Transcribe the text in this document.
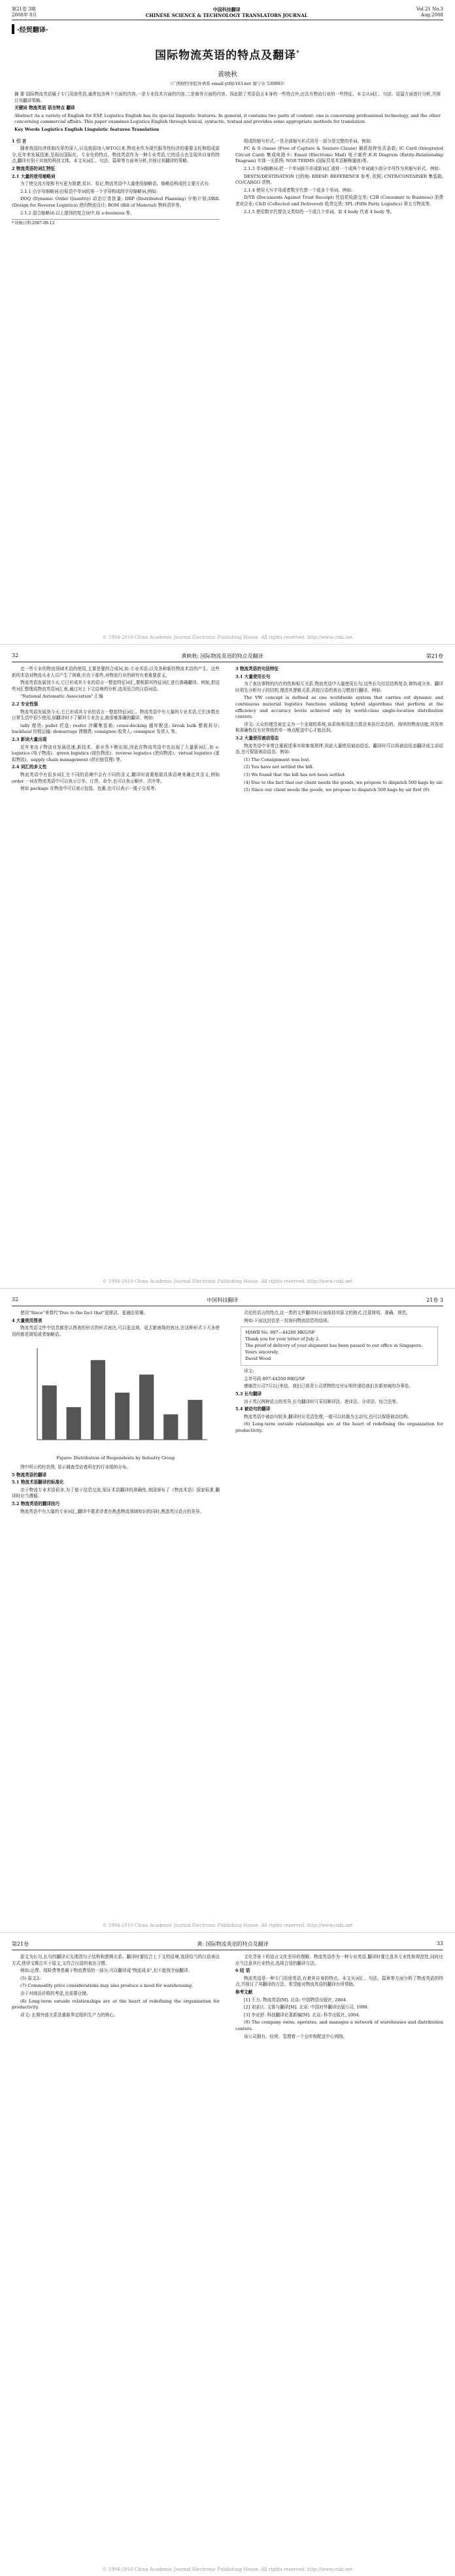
第21卷 3期
2008年 8月
中国科技翻译
CHINESE SCIENCE & TECHNOLOGY TRANSLATORS JOURNAL
Vol.21 No.3
Aug.2008
·经贸翻译·
国际物流英语的特点及翻译*
黄映秋
（广西财经学院外语系 email:ytf@163.net 南宁市 530003）
摘 要 国际物流英语属于专门用途英语,通常包含两个方面的内容,一是专业技术方面的内容,二是商务方面的内容。因此除了英语语言本身的一些特点外,还具有物流行业的一些特征。本文从词汇、句法、语篇方面进行分析,并探讨其翻译策略。
关键词 物流英语 语言特点 翻译
Abstract As a variety of English for ESP, Logistics English has its special linguistic features. In general, it contains two parts of content: one is concerning professional technology, and the other concerning commercial affairs. This paper examines Logistics English through lexical, syntactic, textual and provides some appropriate methods for translation.
Key Words Logistics English Linguistic features Translation

1 引 言

随着我国经济体制改革的深入,以及我国加入WTO以来,物流业作为现代服务性经济的重要支柱和组成部分,近年来发展迅速,呈现出国际化、专业化的特点。物流英语作为一种专业英语,它的语言也呈现其自身的特点,翻译有别于其他的科技文体。本文从词汇、句法、篇章等方面来分析,并探讨其翻译的策略。

2 物流英语的词汇特征

2.1 大量的使用缩略词

为了使交流方便和书写更为简捷,易识、易记,物流英语中大量使用缩略语。缩略语构成的主要方式有:

2.1.1 由字母缩略词:由短语中单词的第一个字母构成的字母缩略词,例如:

DOQ (Dynamic Order Quantity) 动态订货批量; DRP (Distributed Planning) 分销计划;DRIL (Design for Reverse Logistics) 逆向物流设计; BOM (Bill of Material) 物料清单等。

2.1.2 混合缩略词:以上提到的复合词中,如 e-business 等。

* 收稿日期:2007-09-12

组成的缩写形式,一是全部缩写形式再另一部分是完整的单词。例如:

FC & S clause (Free of Capture & Seizure Clause) 捕获扣押免责条款; IC Card (Integrated Circuit Card) 集成电路卡; Email (Electronic Mail) 电子邮件;E-R Diagram (Entity-Relationship Diagram) 实体一关系图; NOR TERMS (国际贸易术语解释通则)等。

2.1.3 单词缩略词:把一个单词拆开形成新词汇或将一个或两个单词减少部分字母作为其缩写形式。例如:

DESTN/DESTINATION 目的地; RRESP: REFERENCE 参考, 依照; CNTR/CONTAINER 集装箱; CO/CARGO 货物。

2.1.4 使用大写字母或者数字代替一个或多个单词。例如:

D/TR (Documents Against Trust Receipt) 凭信托收据交单; C2B (Consumer to Business) 消费者对企业; C&D (Collected and Delivered) 收货交货; 3PL (Fifth Party Logistics) 第五方物流等。

2.1.5 使用数字代替含义类似的一个或几个单词。如 4 body 代表 4 body 等。

© 1994-2010 China Academic Journal Electronic Publishing House. All rights reserved. http://www.cnki.net
32	黄映秋: 国际物流英语的特点及翻译	第21卷

也一些专业的物流领域术语的使用,主要是要的合成词,如:专业术语;以及各种新的物流术语的产生。这些新的术语对物流从业人员产生了困难,但在于那些,对物流行业的研究有着重要意义。

物流英语发展到今天,它已形成其专业的语言一整套特征词汇,要根据其特征词汇进行准确翻译。例如,把这些词汇整理成物流英语词汇表,通过对上下文语境的分析,选用适合的汉语词语。

"National Automatic Association" 汇编

2.2 专业性强

物流英语发展到今天,它已形成其专业的语言一整套特征词汇。物流英语中有大量的专业术语,它们多数在日常生活中很少使用,如翻译时不了解其专业含义,就很难准确的翻译。例如:

tally 理货; pallet 托盘; reefer 冷藏集装箱; cross-docking 越库配送; break bulk 整箱拆分; backhaul 回程运输; demurrage 滞期费; consignee 收货人; consignor 发货人 等。

2.3 新词大量出现

近年来由于物流业发展迅速,新技术、新业务不断出现,因此在物流英语中也出现了大量新词汇,如 e-logistics (电子物流)、green logistics (绿色物流)、reverse logistics (逆向物流)、virtual logistics (虚拟物流)、supply chain management (供应链管理) 等。

2.4 词汇的多义性

物流英语中有很多词汇在不同的语境中会有不同的含义,翻译时需要根据具体语境来确定其含义,例如 order 一词在物流英语中可以表示订单、订货、命令,也可以表示顺序、次序等。

例如 package 在物流中可以表示包装、包裹,也可以表示一揽子交易等。

3 物流英语的句法特征

3.1 大量使用长句

为了表达事物的内在的性和相互关系,物流英语中大量使用长句,这些长句往往结构复杂,修饰成分多。翻译时须先分析句子的结构,理清其逻辑关系,再按汉语的表达习惯进行翻译。例如:

The VW concept is defined as one worldwide system that carries out dynamic and continuous material logistics functions utilizing hybrid algorithms that perform at the efficiency and accuracy levels achieved only by world-class single-location distribution centers.

译文: 大众的理念被定义为一个全球的系统,该系统利用混合算法来执行动态的、持续的物流功能,其效率和准确性仅有世界级的单一地点配送中心才能达到。

3.2 大量使用被动语态

物流英语中非常注重叙述事实和客观规律,因此大量使用被动语态。翻译时可以将被动语态翻译成主动语态,也可保留被动语态。例如:

(1) The Consignment was lost.

(2) You have not settled the bill.

(3) We found that the bill has not been settled.

(4) Due to the fact that our client needs the goods, we propose to dispatch 500 bags by air.

(5) Since our client needs the goods, we propose to dispatch 500 bags by air first (9).

© 1994-2010 China Academic Journal Electronic Publishing House. All rights reserved. http://www.cnki.net
32	中国科技翻译	21卷 3

使用"Since"来替代"Due to the fact that"更简洁、更通俗易懂。

4 大量使用图表

物流英语文件中信息都是以图表的形式的形式表达,可以更直观、更去繁就简的表达,在这种形式下大多使用的都是简短或者缩略语。

Figure: Distribution of Respondents by Industry Group

图中所示的柱状图, 显示调查受访者所在的行业组的分布。

5 物流英语的翻译

5.1 物流术语翻译的标准化

由于物流专业术语很多,为了便于信息交流,保证术语翻译的准确性,我国颁布了《物流术语》国家标准,翻译时应当遵循。

5.2 物流英语的翻译技巧

物流英语中有大量的专业词汇,翻译中要求译者在熟悉物流领域知识的同时,熟悉英汉语言的差异。

式化的语言的特点,这一类的文件翻译时应该保持其原文的格式,注意简明、准确、规范。

例如:下面这封信是一封询问物流信息的信函。

MAWB No. 897—44200 HKG/SF
Thank you for your letter of July 2.
The proof of delivery of your shipment has been passed to our office in Singapore.
Yours sincerely,
David Wood

译文:

主单号码 897-44200 HKG/SF

感谢贵公司7月2日来信。我们已将贵公司货物的交付证明传递给我们在新加坡的办事处。

5.3 长句翻译

由于英汉两种语言的差异,长句翻译时可采用顺译法、逆译法、分译法、综合法等。

5.4 被动句的翻译

物流英语中被动句较多,翻译时应灵活处理,一般可以转换为主动句,也可以保留被动结构。

(6) Long-term outside relationships are at the heart of redefining the organization for productivity.

© 1994-2010 China Academic Journal Electronic Publishing House. All rights reserved. http://www.cnki.net
第21卷	黄: 国际物流英语的特点及翻译	33

原文为长句,长句的翻译应先理清句子结构和逻辑关系。翻译时要结合上下文的语境,选择恰当的汉语表达方式,使译文既忠实于原文,又符合汉语的表达习惯。

例如:运费、保险费等是属于物流费用的一部分,可以翻译成"物流成本",但不能按字面翻译。

(5) 原文2:

(7) Commodity price considerations may also produce a need for warehousing.

由于对商品价格的考虑,也需要仓储。

(8) Long-term outside relationships are at the heart of redefining the organization for productivity.

译文: 长期外部关系是重新界定组织生产力的核心。

文化背景下的语言文化差异的理解。物流英语作为一种专业英语,翻译时要注意其专业性和规范性,同时还应当注意其行业特点,选择合适的翻译方法。

6 结 语

物流英语是一种专门用途英语,有着其自身的特点。本文从词汇、句法、篇章等方面分析了物流英语的特点,并探讨了其翻译的方法。希望能对物流英语的翻译有所帮助。

参考文献

[1] 王力. 物流英语[M]. 北京: 中国物资出版社, 2004.

[2] 刘宓庆. 文体与翻译[M]. 北京: 中国对外翻译出版公司, 1998.

[3] 李亚舒. 科技翻译论著新编[M]. 北京: 科学出版社, 2004.

(9) The company owns, operates, and manages a network of warehouses and distribution centers.

该公司拥有、经营、管理着一个仓库和配送中心网络。

© 1994-2010 China Academic Journal Electronic Publishing House. All rights reserved. http://www.cnki.net
